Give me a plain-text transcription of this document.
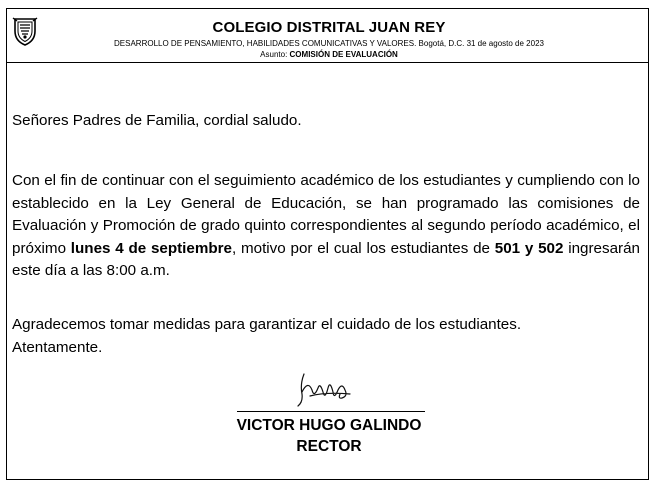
COLEGIO DISTRITAL JUAN REY
DESARROLLO DE PENSAMIENTO, HABILIDADES COMUNICATIVAS Y VALORES. Bogotá, D.C. 31 de agosto de 2023
Asunto: COMISIÓN DE EVALUACIÓN
Señores Padres de Familia, cordial saludo.
Con el fin de continuar con el seguimiento académico de los estudiantes y cumpliendo con lo establecido en la Ley General de Educación, se han programado las comisiones de Evaluación y Promoción de grado quinto correspondientes al segundo período académico, el próximo lunes 4 de septiembre, motivo por el cual los estudiantes de 501 y 502 ingresarán este día a las 8:00 a.m.
Agradecemos tomar medidas para garantizar el cuidado de los estudiantes.
Atentamente.
VICTOR HUGO GALINDO
RECTOR
